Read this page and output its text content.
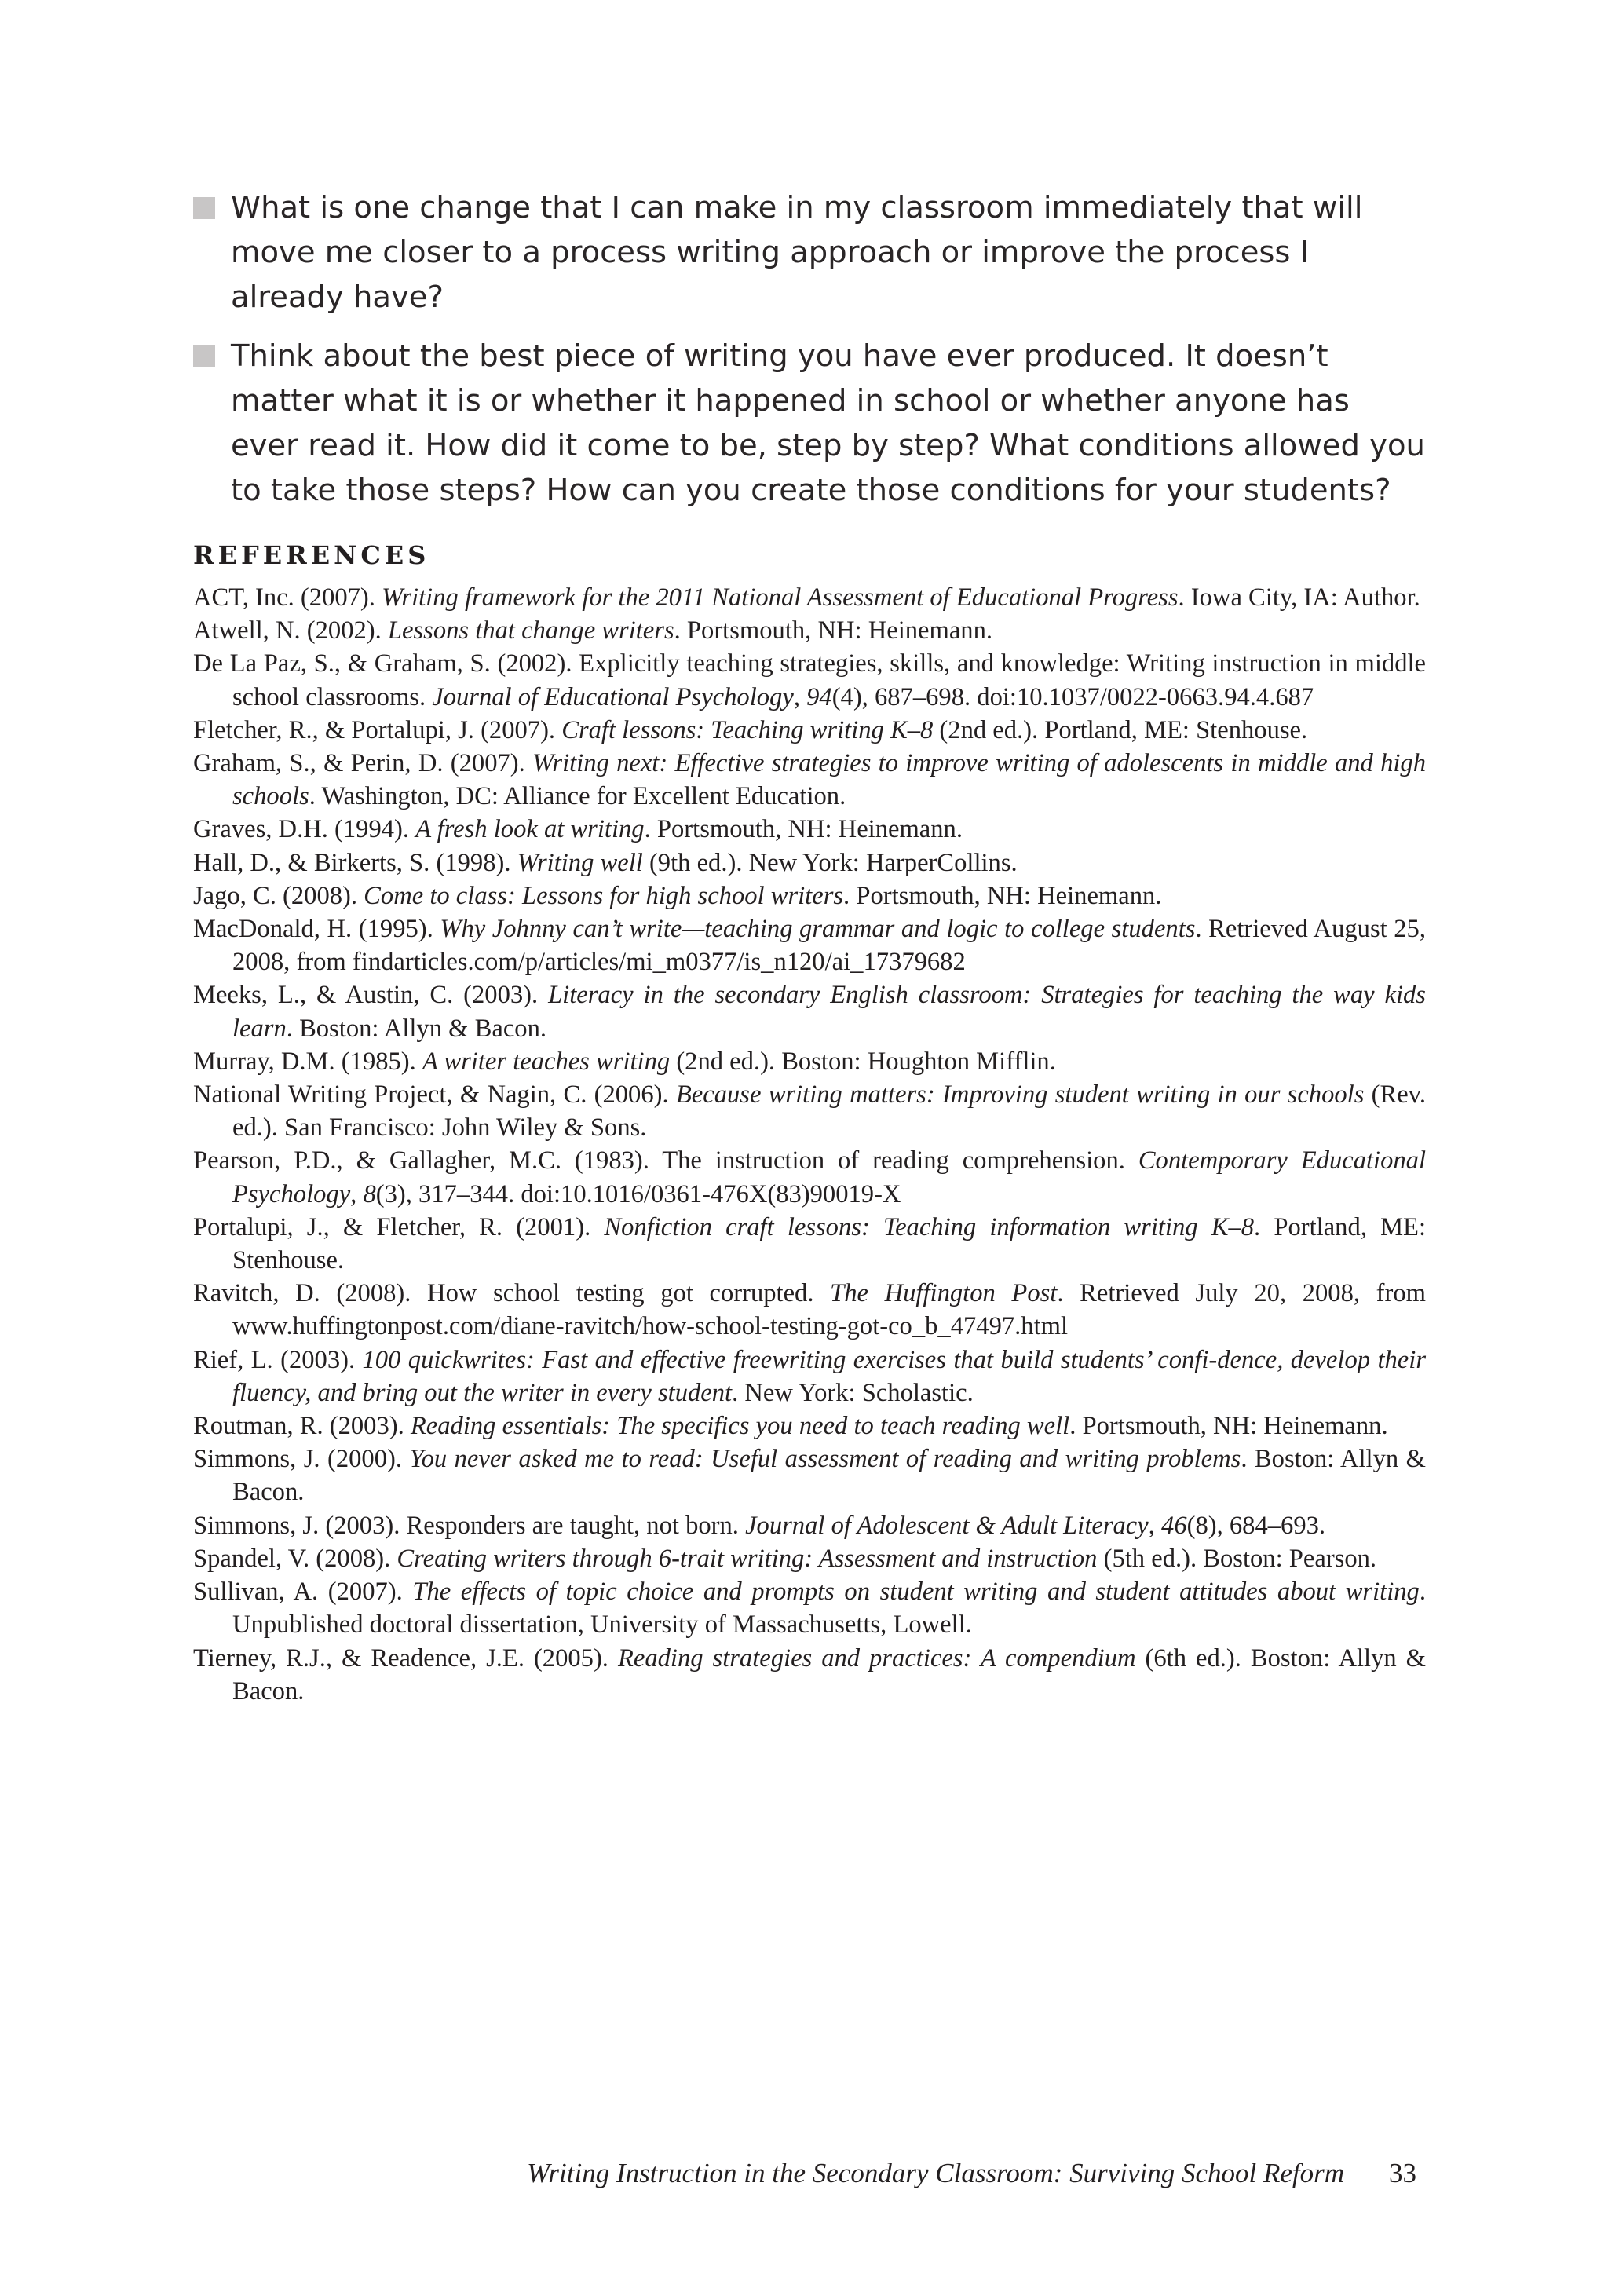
What is one change that I can make in my classroom immediately that will move me closer to a process writing approach or improve the process I already have?
Think about the best piece of writing you have ever produced. It doesn’t matter what it is or whether it happened in school or whether anyone has ever read it. How did it come to be, step by step? What conditions allowed you to take those steps? How can you create those conditions for your students?
REFERENCES
ACT, Inc. (2007). Writing framework for the 2011 National Assessment of Educational Progress. Iowa City, IA: Author.
Atwell, N. (2002). Lessons that change writers. Portsmouth, NH: Heinemann.
De La Paz, S., & Graham, S. (2002). Explicitly teaching strategies, skills, and knowledge: Writing instruction in middle school classrooms. Journal of Educational Psychology, 94(4), 687–698. doi:10.1037/0022-0663.94.4.687
Fletcher, R., & Portalupi, J. (2007). Craft lessons: Teaching writing K–8 (2nd ed.). Portland, ME: Stenhouse.
Graham, S., & Perin, D. (2007). Writing next: Effective strategies to improve writing of adolescents in middle and high schools. Washington, DC: Alliance for Excellent Education.
Graves, D.H. (1994). A fresh look at writing. Portsmouth, NH: Heinemann.
Hall, D., & Birkerts, S. (1998). Writing well (9th ed.). New York: HarperCollins.
Jago, C. (2008). Come to class: Lessons for high school writers. Portsmouth, NH: Heinemann.
MacDonald, H. (1995). Why Johnny can’t write—teaching grammar and logic to college students. Retrieved August 25, 2008, from findarticles.com/p/articles/mi_m0377/is_n120/ai_17379682
Meeks, L., & Austin, C. (2003). Literacy in the secondary English classroom: Strategies for teaching the way kids learn. Boston: Allyn & Bacon.
Murray, D.M. (1985). A writer teaches writing (2nd ed.). Boston: Houghton Mifflin.
National Writing Project, & Nagin, C. (2006). Because writing matters: Improving student writing in our schools (Rev. ed.). San Francisco: John Wiley & Sons.
Pearson, P.D., & Gallagher, M.C. (1983). The instruction of reading comprehension. Contemporary Educational Psychology, 8(3), 317–344. doi:10.1016/0361-476X(83)90019-X
Portalupi, J., & Fletcher, R. (2001). Nonfiction craft lessons: Teaching information writing K–8. Portland, ME: Stenhouse.
Ravitch, D. (2008). How school testing got corrupted. The Huffington Post. Retrieved July 20, 2008, from www.huffingtonpost.com/diane-ravitch/how-school-testing-got-co_b_47497.html
Rief, L. (2003). 100 quickwrites: Fast and effective freewriting exercises that build students’ confi-dence, develop their fluency, and bring out the writer in every student. New York: Scholastic.
Routman, R. (2003). Reading essentials: The specifics you need to teach reading well. Portsmouth, NH: Heinemann.
Simmons, J. (2000). You never asked me to read: Useful assessment of reading and writing problems. Boston: Allyn & Bacon.
Simmons, J. (2003). Responders are taught, not born. Journal of Adolescent & Adult Literacy, 46(8), 684–693.
Spandel, V. (2008). Creating writers through 6-trait writing: Assessment and instruction (5th ed.). Boston: Pearson.
Sullivan, A. (2007). The effects of topic choice and prompts on student writing and student attitudes about writing. Unpublished doctoral dissertation, University of Massachusetts, Lowell.
Tierney, R.J., & Readence, J.E. (2005). Reading strategies and practices: A compendium (6th ed.). Boston: Allyn & Bacon.
Writing Instruction in the Secondary Classroom: Surviving School Reform 33
